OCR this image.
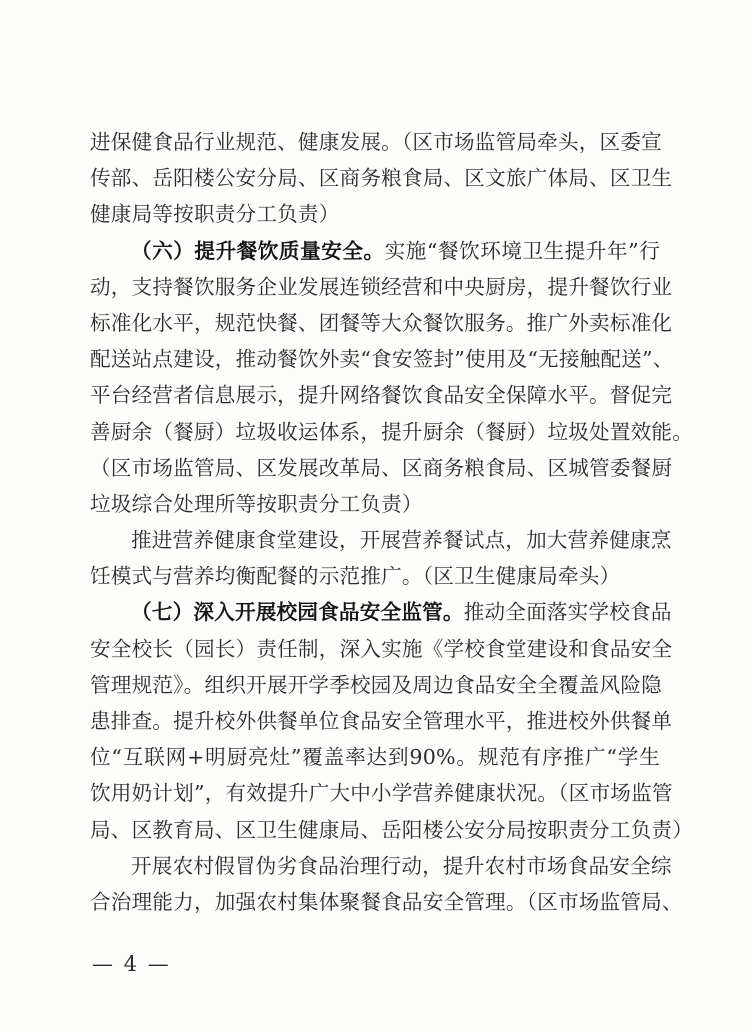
进保健食品行业规范、健康发展。（区市场监管局牵头，区委宣
传部、岳阳楼公安分局、区商务粮食局、区文旅广体局、区卫生
健康局等按职责分工负责）
（六）提升餐饮质量安全。实施“餐饮环境卫生提升年”行
动，支持餐饮服务企业发展连锁经营和中央厨房，提升餐饮行业
标准化水平，规范快餐、团餐等大众餐饮服务。推广外卖标准化
配送站点建设，推动餐饮外卖“食安签封”使用及“无接触配送”、
平台经营者信息展示，提升网络餐饮食品安全保障水平。督促完
善厨余（餐厨）垃圾收运体系，提升厨余（餐厨）垃圾处置效能。
（区市场监管局、区发展改革局、区商务粮食局、区城管委餐厨
垃圾综合处理所等按职责分工负责）
推进营养健康食堂建设，开展营养餐试点，加大营养健康烹
饪模式与营养均衡配餐的示范推广。（区卫生健康局牵头）
（七）深入开展校园食品安全监管。推动全面落实学校食品
安全校长（园长）责任制，深入实施《学校食堂建设和食品安全
管理规范》。组织开展开学季校园及周边食品安全全覆盖风险隐
患排查。提升校外供餐单位食品安全管理水平，推进校外供餐单
位“互联网+明厨亮灶”覆盖率达到90%。规范有序推广“学生
饮用奶计划”，有效提升广大中小学营养健康状况。（区市场监管
局、区教育局、区卫生健康局、岳阳楼公安分局按职责分工负责）
开展农村假冒伪劣食品治理行动，提升农村市场食品安全综
合治理能力，加强农村集体聚餐食品安全管理。（区市场监管局、
— 4 —
